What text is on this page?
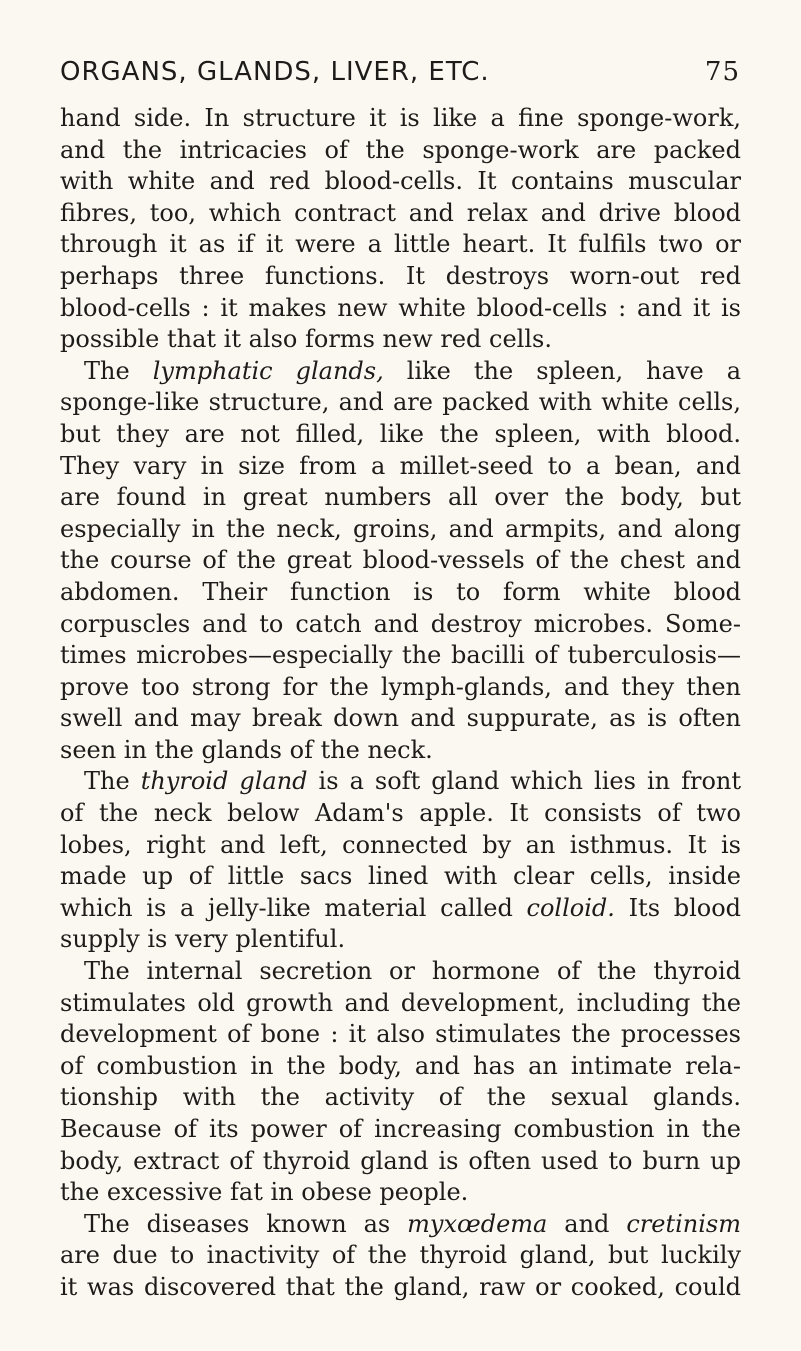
ORGANS, GLANDS, LIVER, ETC.	75
hand side. In structure it is like a fine sponge-work,
and the intricacies of the sponge-work are packed
with white and red blood-cells. It contains muscular
fibres, too, which contract and relax and drive blood
through it as if it were a little heart. It fulfils two or
perhaps three functions. It destroys worn-out red
blood-cells : it makes new white blood-cells : and it is
possible that it also forms new red cells.
The lymphatic glands, like the spleen, have a
sponge-like structure, and are packed with white cells,
but they are not filled, like the spleen, with blood.
They vary in size from a millet-seed to a bean, and
are found in great numbers all over the body, but
especially in the neck, groins, and armpits, and along
the course of the great blood-vessels of the chest and
abdomen. Their function is to form white blood
corpuscles and to catch and destroy microbes. Some-
times microbes—especially the bacilli of tuberculosis—
prove too strong for the lymph-glands, and they then
swell and may break down and suppurate, as is often
seen in the glands of the neck.
The thyroid gland is a soft gland which lies in front
of the neck below Adam's apple. It consists of two
lobes, right and left, connected by an isthmus. It is
made up of little sacs lined with clear cells, inside
which is a jelly-like material called colloid. Its blood
supply is very plentiful.
The internal secretion or hormone of the thyroid
stimulates old growth and development, including the
development of bone : it also stimulates the processes
of combustion in the body, and has an intimate rela-
tionship with the activity of the sexual glands.
Because of its power of increasing combustion in the
body, extract of thyroid gland is often used to burn up
the excessive fat in obese people.
The diseases known as myxœdema and cretinism
are due to inactivity of the thyroid gland, but luckily
it was discovered that the gland, raw or cooked, could
